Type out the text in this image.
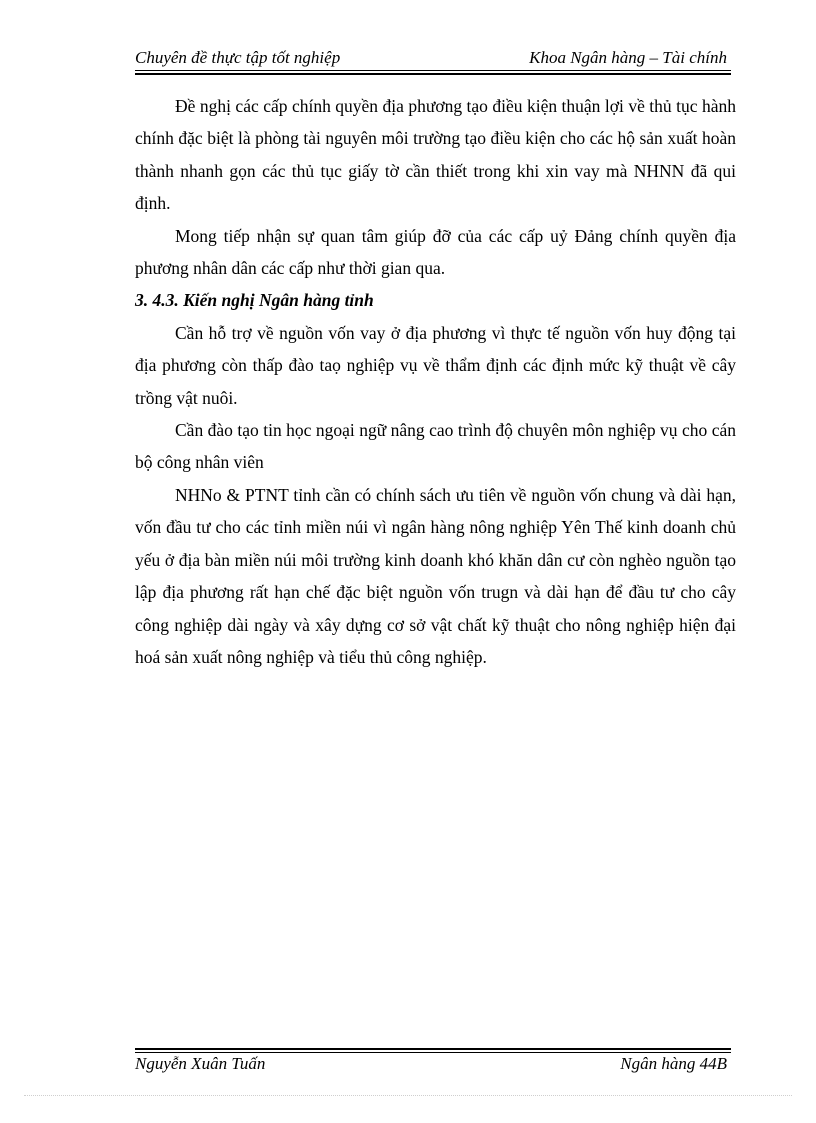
Chuyên đề thực tập tốt nghiệp	Khoa Ngân hàng – Tài chính

Đề nghị các cấp chính quyền địa phương tạo điều kiện thuận lợi về thủ tục hành chính đặc biệt là phòng tài nguyên môi trường tạo điều kiện cho các hộ sản xuất hoàn thành nhanh gọn các thủ tục giấy tờ cần thiết trong khi xin vay mà NHNN đã qui định.

Mong tiếp nhận sự quan tâm giúp đỡ của các cấp uỷ Đảng chính quyền địa phương nhân dân các cấp như thời gian qua.

3. 4.3. Kiến nghị Ngân hàng tỉnh

Cần hỗ trợ về nguồn vốn vay ở địa phương vì thực tế nguồn vốn huy động tại địa phương còn thấp đào taọ nghiệp vụ về thẩm định các định mức kỹ thuật về cây trồng vật nuôi.

Cần đào tạo tin học ngoại ngữ nâng cao trình độ chuyên môn nghiệp vụ cho cán bộ công nhân viên

NHNo & PTNT tỉnh cần có chính sách ưu tiên về nguồn vốn chung và dài hạn, vốn đầu tư cho các tỉnh miền núi vì ngân hàng nông nghiệp Yên Thế kinh doanh chủ yếu ở địa bàn miền núi môi trường kinh doanh khó khăn dân cư còn nghèo nguồn tạo lập địa phương rất hạn chế đặc biệt nguồn vốn trugn và dài hạn để đầu tư cho cây công nghiệp dài ngày và xây dựng cơ sở vật chất kỹ thuật cho nông nghiệp hiện đại hoá sản xuất nông nghiệp và tiểu thủ công nghiệp.

Nguyễn Xuân Tuấn	Ngân hàng 44B
